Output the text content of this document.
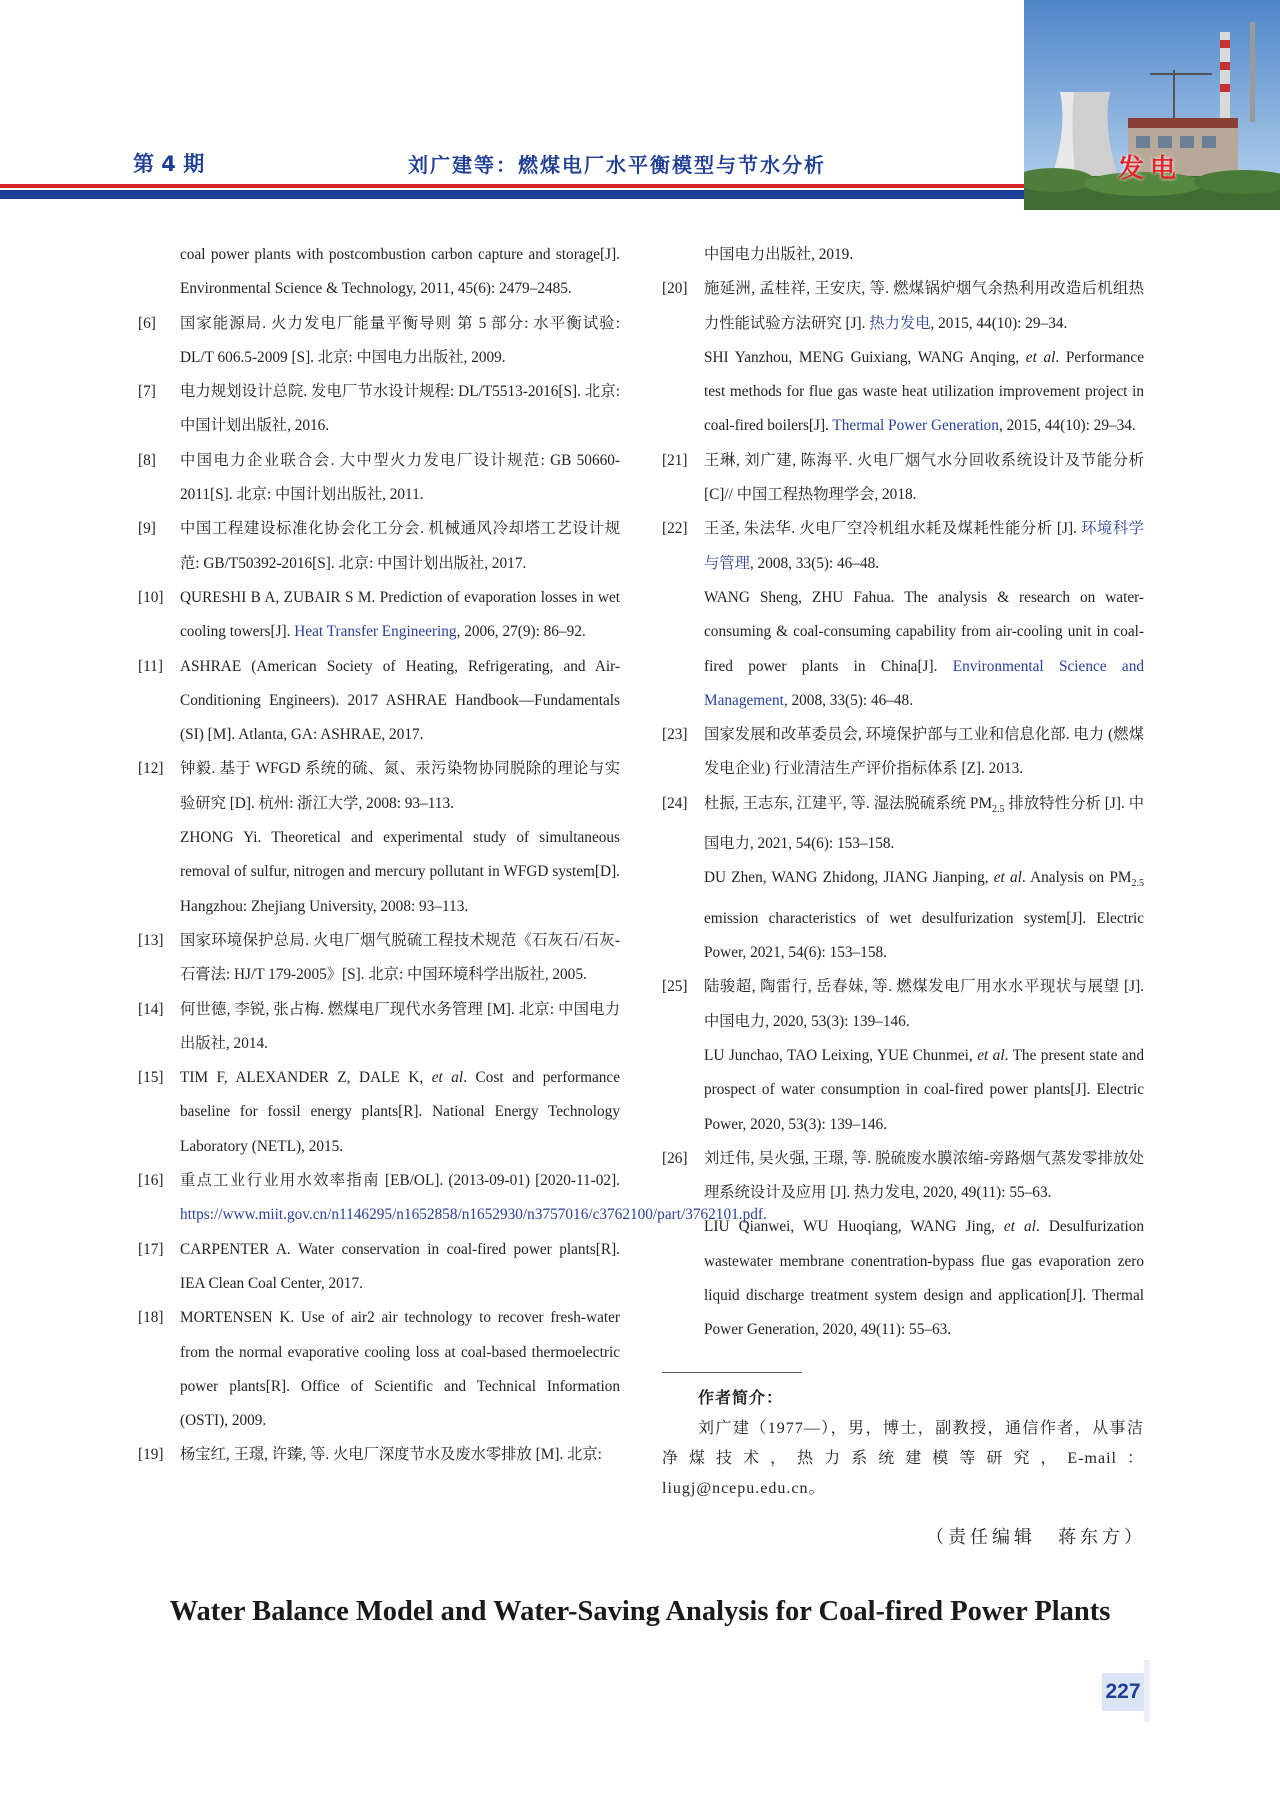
第 4 期	刘广建等：燃煤电厂水平衡模型与节水分析	发电
coal power plants with postcombustion carbon capture and storage[J]. Environmental Science & Technology, 2011, 45(6): 2479–2485.
[6] 国家能源局. 火力发电厂能量平衡导则 第 5 部分: 水平衡试验: DL/T 606.5-2009 [S]. 北京: 中国电力出版社, 2009.
[7] 电力规划设计总院. 发电厂节水设计规程: DL/T5513-2016[S]. 北京: 中国计划出版社, 2016.
[8] 中国电力企业联合会. 大中型火力发电厂设计规范: GB 50660-2011[S]. 北京: 中国计划出版社, 2011.
[9] 中国工程建设标准化协会化工分会. 机械通风冷却塔工艺设计规范: GB/T50392-2016[S]. 北京: 中国计划出版社, 2017.
[10] QURESHI B A, ZUBAIR S M. Prediction of evaporation losses in wet cooling towers[J]. Heat Transfer Engineering, 2006, 27(9): 86–92.
[11] ASHRAE (American Society of Heating, Refrigerating, and Air-Conditioning Engineers). 2017 ASHRAE Handbook—Fundamentals (SI) [M]. Atlanta, GA: ASHRAE, 2017.
[12] 钟毅. 基于 WFGD 系统的硫、氮、汞污染物协同脱除的理论与实验研究 [D]. 杭州: 浙江大学, 2008: 93–113.
ZHONG Yi. Theoretical and experimental study of simultaneous removal of sulfur, nitrogen and mercury pollutant in WFGD system[D]. Hangzhou: Zhejiang University, 2008: 93–113.
[13] 国家环境保护总局. 火电厂烟气脱硫工程技术规范《石灰石/石灰-石膏法: HJ/T 179-2005》[S]. 北京: 中国环境科学出版社, 2005.
[14] 何世德, 李锐, 张占梅. 燃煤电厂现代水务管理 [M]. 北京: 中国电力出版社, 2014.
[15] TIM F, ALEXANDER Z, DALE K, et al. Cost and performance baseline for fossil energy plants[R]. National Energy Technology Laboratory (NETL), 2015.
[16] 重点工业行业用水效率指南 [EB/OL]. (2013-09-01) [2020-11-02]. https://www.miit.gov.cn/n1146295/n1652858/n1652930/n3757016/c3762100/part/3762101.pdf.
[17] CARPENTER A. Water conservation in coal-fired power plants[R]. IEA Clean Coal Center, 2017.
[18] MORTENSEN K. Use of air2 air technology to recover fresh-water from the normal evaporative cooling loss at coal-based thermoelectric power plants[R]. Office of Scientific and Technical Information (OSTI), 2009.
[19] 杨宝红, 王璟, 许臻, 等. 火电厂深度节水及废水零排放 [M]. 北京:
中国电力出版社, 2019.
[20] 施延洲, 孟桂祥, 王安庆, 等. 燃煤锅炉烟气余热利用改造后机组热力性能试验方法研究 [J]. 热力发电, 2015, 44(10): 29–34.
SHI Yanzhou, MENG Guixiang, WANG Anqing, et al. Performance test methods for flue gas waste heat utilization improvement project in coal-fired boilers[J]. Thermal Power Generation, 2015, 44(10): 29–34.
[21] 王琳, 刘广建, 陈海平. 火电厂烟气水分回收系统设计及节能分析 [C]// 中国工程热物理学会, 2018.
[22] 王圣, 朱法华. 火电厂空冷机组水耗及煤耗性能分析 [J]. 环境科学与管理, 2008, 33(5): 46–48.
WANG Sheng, ZHU Fahua. The analysis & research on water-consuming & coal-consuming capability from air-cooling unit in coal-fired power plants in China[J]. Environmental Science and Management, 2008, 33(5): 46–48.
[23] 国家发展和改革委员会, 环境保护部与工业和信息化部. 电力 (燃煤发电企业) 行业清洁生产评价指标体系 [Z]. 2013.
[24] 杜振, 王志东, 江建平, 等. 湿法脱硫系统 $PM_{2.5}$ 排放特性分析 [J]. 中国电力, 2021, 54(6): 153–158.
DU Zhen, WANG Zhidong, JIANG Jianping, et al. Analysis on $PM_{2.5}$ emission characteristics of wet desulfurization system[J]. Electric Power, 2021, 54(6): 153–158.
[25] 陆骏超, 陶雷行, 岳春妹, 等. 燃煤发电厂用水水平现状与展望 [J]. 中国电力, 2020, 53(3): 139–146.
LU Junchao, TAO Leixing, YUE Chunmei, et al. The present state and prospect of water consumption in coal-fired power plants[J]. Electric Power, 2020, 53(3): 139–146.
[26] 刘迁伟, 吴火强, 王璟, 等. 脱硫废水膜浓缩-旁路烟气蒸发零排放处理系统设计及应用 [J]. 热力发电, 2020, 49(11): 55–63.
LIU Qianwei, WU Huoqiang, WANG Jing, et al. Desulfurization wastewater membrane conentration-bypass flue gas evaporation zero liquid discharge treatment system design and application[J]. Thermal Power Generation, 2020, 49(11): 55–63.
作者简介：
刘广建（1977—），男，博士，副教授，通信作者，从事洁净煤技术，热力系统建模等研究，E-mail：liugj@ncepu.edu.cn。
（责任编辑　蒋东方）
Water Balance Model and Water-Saving Analysis for Coal-fired Power Plants
227
